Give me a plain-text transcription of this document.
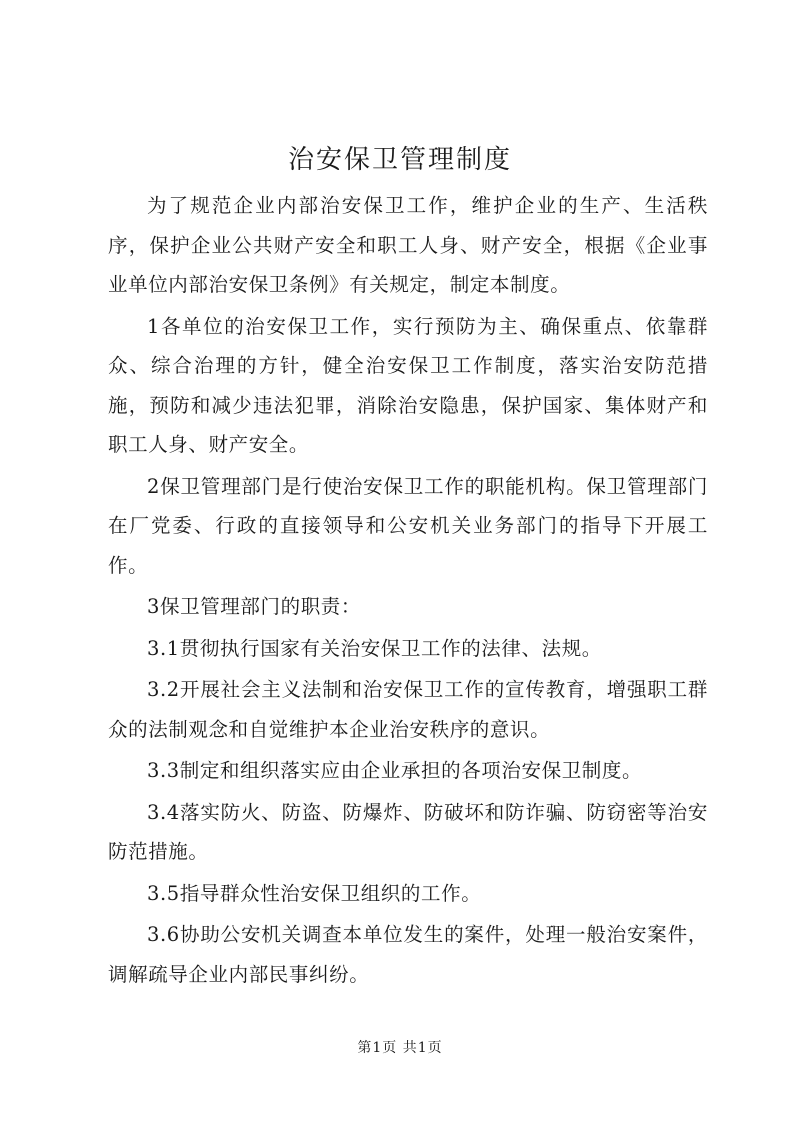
治安保卫管理制度

为了规范企业内部治安保卫工作，维护企业的生产、生活秩序，保护企业公共财产安全和职工人身、财产安全，根据《企业事业单位内部治安保卫条例》有关规定，制定本制度。

1各单位的治安保卫工作，实行预防为主、确保重点、依靠群众、综合治理的方针，健全治安保卫工作制度，落实治安防范措施，预防和减少违法犯罪，消除治安隐患，保护国家、集体财产和职工人身、财产安全。

2保卫管理部门是行使治安保卫工作的职能机构。保卫管理部门在厂党委、行政的直接领导和公安机关业务部门的指导下开展工作。

3保卫管理部门的职责：

3.1贯彻执行国家有关治安保卫工作的法律、法规。

3.2开展社会主义法制和治安保卫工作的宣传教育，增强职工群众的法制观念和自觉维护本企业治安秩序的意识。

3.3制定和组织落实应由企业承担的各项治安保卫制度。

3.4落实防火、防盗、防爆炸、防破坏和防诈骗、防窃密等治安防范措施。

3.5指导群众性治安保卫组织的工作。

3.6协助公安机关调查本单位发生的案件，处理一般治安案件，调解疏导企业内部民事纠纷。

第1页 共1页
